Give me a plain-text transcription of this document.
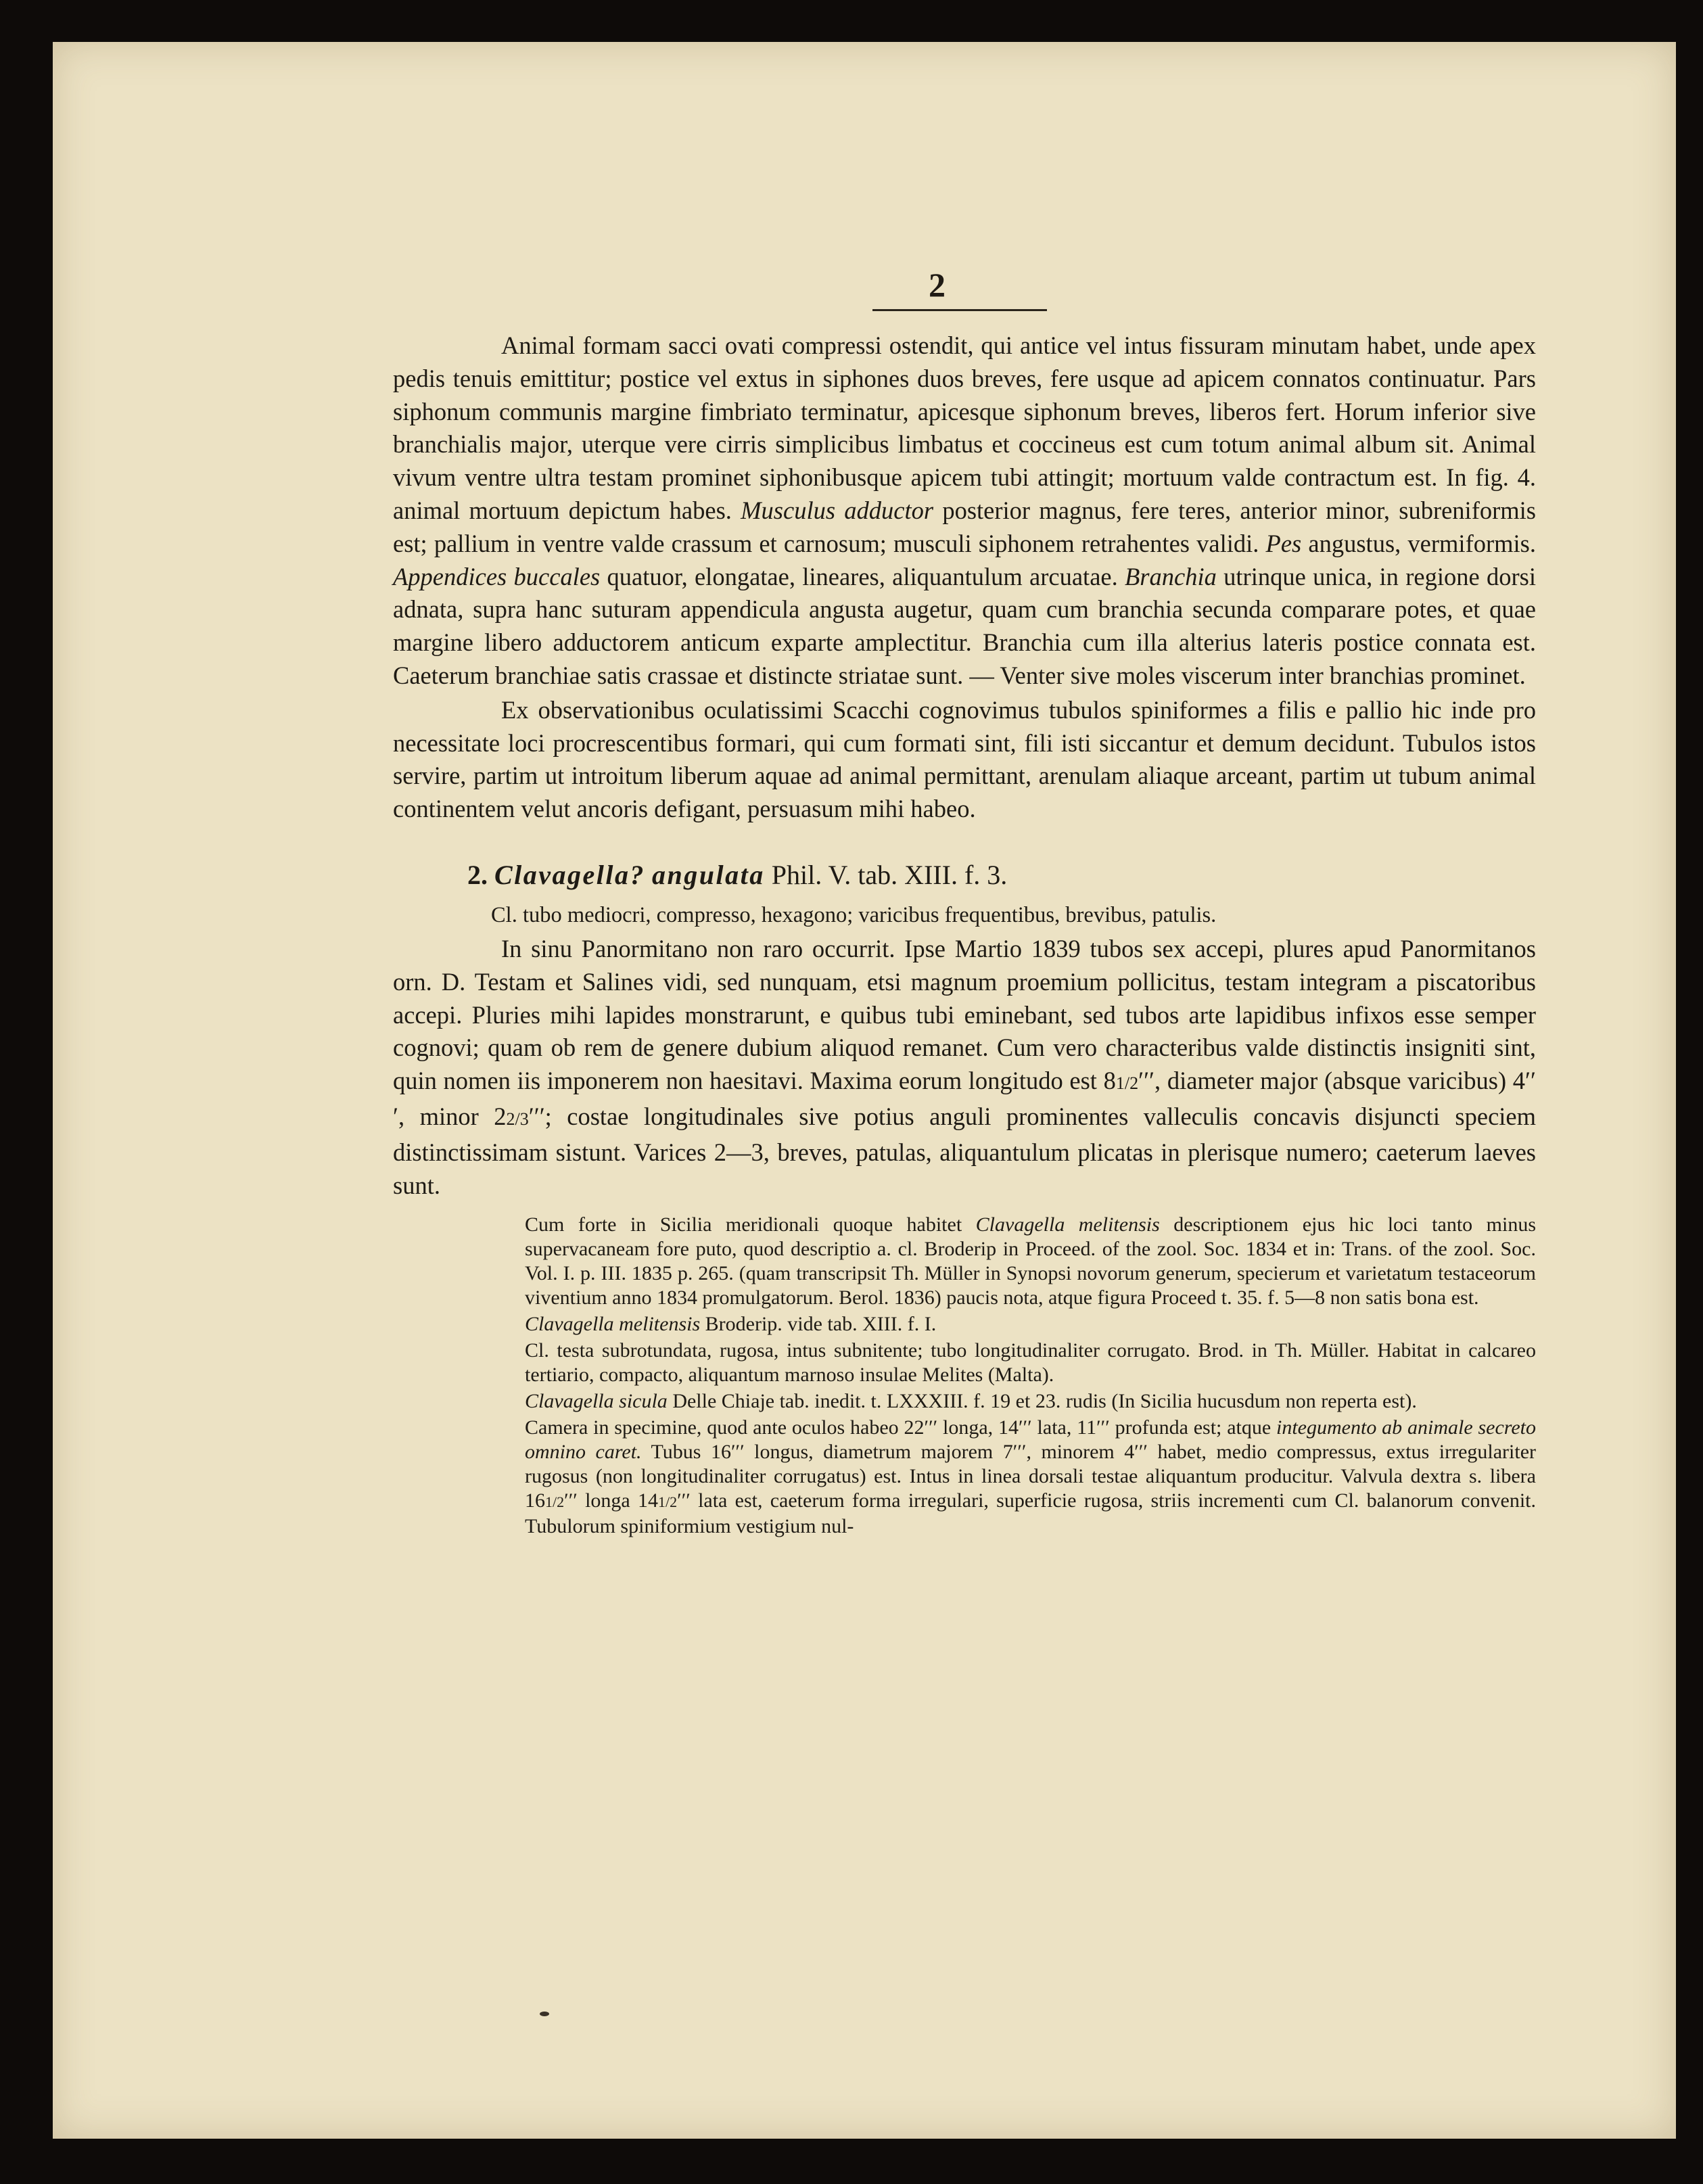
2

Animal formam sacci ovati compressi ostendit, qui antice vel intus fissuram minutam habet, unde apex pedis tenuis emittitur; postice vel extus in siphones duos breves, fere usque ad apicem connatos continuatur. Pars siphonum communis margine fimbriato terminatur, apicesque siphonum breves, liberos fert. Horum inferior sive branchialis major, uterque vere cirris simplicibus limbatus et coccineus est cum totum animal album sit. Animal vivum ventre ultra testam prominet siphonibusque apicem tubi attingit; mortuum valde contractum est. In fig. 4. animal mortuum depictum habes. Musculus adductor posterior magnus, fere teres, anterior minor, subreniformis est; pallium in ventre valde crassum et carnosum; musculi siphonem retrahentes validi. Pes angustus, vermiformis. Appendices buccales quatuor, elongatae, lineares, aliquantulum arcuatae. Branchia utrinque unica, in regione dorsi adnata, supra hanc suturam appendicula angusta augetur, quam cum branchia secunda comparare potes, et quae margine libero adductorem anticum exparte amplectitur. Branchia cum illa alterius lateris postice connata est. Caeterum branchiae satis crassae et distincte striatae sunt. — Venter sive moles viscerum inter branchias prominet.

Ex observationibus oculatissimi Scacchi cognovimus tubulos spiniformes a filis e pallio hic inde pro necessitate loci procrescentibus formari, qui cum formati sint, fili isti siccantur et demum decidunt. Tubulos istos servire, partim ut introitum liberum aquae ad animal permittant, arenulam aliaque arceant, partim ut tubum animal continentem velut ancoris defigant, persuasum mihi habeo.

2. Clavagella? angulata Phil. V. tab. XIII. f. 3.

Cl. tubo mediocri, compresso, hexagono; varicibus frequentibus, brevibus, patulis.

In sinu Panormitano non raro occurrit. Ipse Martio 1839 tubos sex accepi, plures apud Panormitanos orn. D. Testam et Salines vidi, sed nunquam, etsi magnum proemium pollicitus, testam integram a piscatoribus accepi. Pluries mihi lapides monstrarunt, e quibus tubi eminebant, sed tubos arte lapidibus infixos esse semper cognovi; quam ob rem de genere dubium aliquod remanet. Cum vero characteribus valde distinctis insigniti sint, quin nomen iis imponerem non haesitavi. Maxima eorum longitudo est 81/2′′′, diameter major (absque varicibus) 4′′′, minor 22/3′′′; costae longitudinales sive potius anguli prominentes valleculis concavis disjuncti speciem distinctissimam sistunt. Varices 2—3, breves, patulas, aliquantulum plicatas in plerisque numero; caeterum laeves sunt.

Cum forte in Sicilia meridionali quoque habitet Clavagella melitensis descriptionem ejus hic loci tanto minus supervacaneam fore puto, quod descriptio a. cl. Broderip in Proceed. of the zool. Soc. 1834 et in: Trans. of the zool. Soc. Vol. I. p. III. 1835 p. 265. (quam transcripsit Th. Müller in Synopsi novorum generum, specierum et varietatum testaceorum viventium anno 1834 promulgatorum. Berol. 1836) paucis nota, atque figura Proceed t. 35. f. 5—8 non satis bona est.

Clavagella melitensis Broderip. vide tab. XIII. f. I.

Cl. testa subrotundata, rugosa, intus subnitente; tubo longitudinaliter corrugato. Brod. in Th. Müller. Habitat in calcareo tertiario, compacto, aliquantum marnoso insulae Melites (Malta).

Clavagella sicula Delle Chiaje tab. inedit. t. LXXXIII. f. 19 et 23. rudis (In Sicilia hucusdum non reperta est).

Camera in specimine, quod ante oculos habeo 22′′′ longa, 14′′′ lata, 11′′′ profunda est; atque integumento ab animale secreto omnino caret. Tubus 16′′′ longus, diametrum majorem 7′′′, minorem 4′′′ habet, medio compressus, extus irregulariter rugosus (non longitudinaliter corrugatus) est. Intus in linea dorsali testae aliquantum producitur. Valvula dextra s. libera 161/2′′′ longa 141/2′′′ lata est, caeterum forma irregulari, superficie rugosa, striis incrementi cum Cl. balanorum convenit. Tubulorum spiniformium vestigium nul-
